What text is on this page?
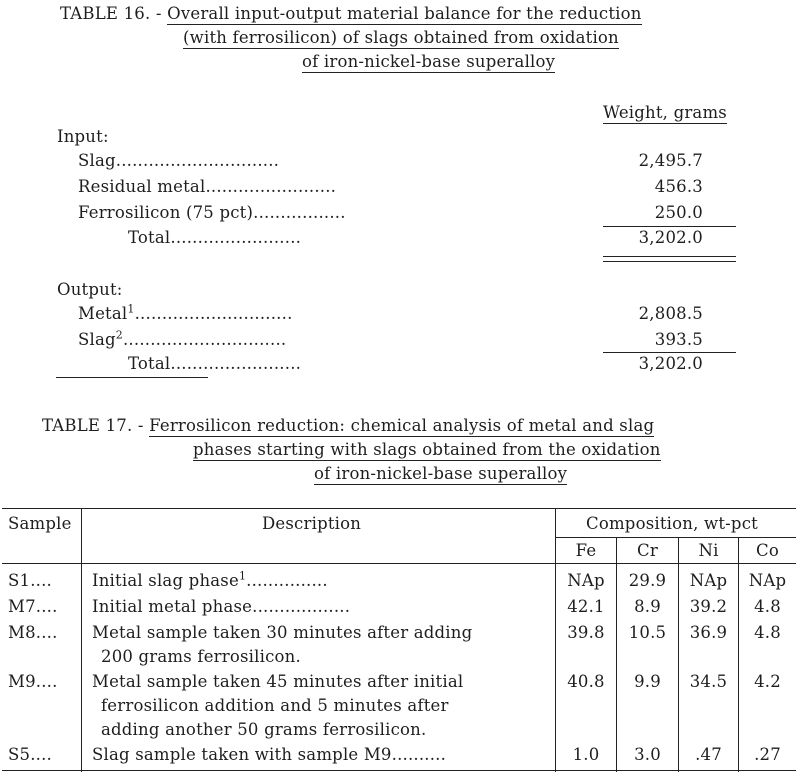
TABLE 16. - Overall input-output material balance for the reduction
(with ferrosilicon) of slags obtained from oxidation
of iron-nickel-base superalloy
Weight, grams
Input:
Slag..............................	2,495.7
Residual metal........................	456.3
Ferrosilicon (75 pct).................	250.0
Total........................	3,202.0
Output:
Metal$^1$.............................	2,808.5
Slag$^2$..............................	393.5
Total........................	3,202.0
TABLE 17. - Ferrosilicon reduction: chemical analysis of metal and slag
phases starting with slags obtained from the oxidation
of iron-nickel-base superalloy
Sample	Description	Composition, wt-pct
Fe	Cr	Ni	Co
S1.... Initial slag phase$^1$...............	NAp	29.9	NAp	NAp
M7.... Initial metal phase..................	42.1	8.9	39.2	4.8
M8.... Metal sample taken 30 minutes after adding
200 grams ferrosilicon.
39.8	10.5	36.9	4.8
M9.... Metal sample taken 45 minutes after initial
ferrosilicon addition and 5 minutes after
adding another 50 grams ferrosilicon.
40.8	9.9	34.5	4.2
S5.... Slag sample taken with sample M9..........	1.0	3.0	.47	.27
